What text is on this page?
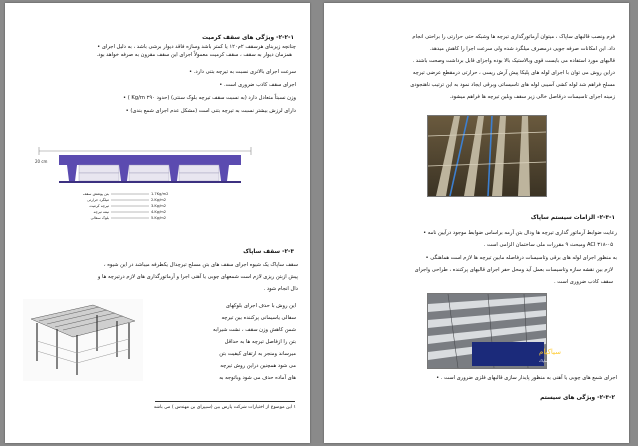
۲-۲-۱- ویژگی های سقف کرمیت
چنانچه زیربنای هرسقف ۲م۱۲۰ یا کمتر باشد وسازه فاقد دیوار برشی باشد ، به دلیل اجرای •
همزمان دیوار به سقف ، سقف کرمیت معمولاً اجرای این سقف مقرون به صرفه خواهد بود.
سرعت اجرای بالاتری نسبت به تیرچه بتنی دارد. •
اجرای سقف کاذب ضروری است. •
وزن نسبتاً متعادل دارد (به نسبت سقف تیرچه بلوک سنتی) (حدود ۲۹۰ Kg/m ) •
دارای لرزش بیشتر نسبت به تیرچه بتنی است (مشکل عدم اجرای شمع بندی) •
20 cm
بتن پوشش سقف
میلگرد حرارتی
تیرچه کرمیت
نیمه تیرچه
بلوک سفالی
1.7Kg/m2
2.Kg/m2
3.Kg/m2
4.Kg/m2
5.Kg/m2
۲-۳- سقف ساپاک
سقف ساپاک یک شیوه اجرای سقف های بتن مسلح تیرچدال یکطرفه میباشد در این شیوه ،
پیش ازبتن ریزی لازم است شمعهای چوبی یا آهنی اجرا و آرماتورگذاری های لازم درتیرچه ها و
دال انجام شود .
این روش با حذف اجرای بلوکهای
سفالی یاسیمانی پرکننده بین تیرچه
شمن کاهش وزن سقف ، نشت شیرابه
بتن را ازفاصل تیرچه ها به حداقل
میرساند ومنجر به ارتقای کیفیت بتن
می شود همچنین دراین روش تیرچه
های آماده حذف می شود وباتوجه به
۱ این موضوع از اختیارات شرکت پارس بین (سیپرای بن مهندس ) می باشد
فرم ونصب قالبهای ساپاک ، میتوان آرماتورگذاری تیرچه ها وشبکه حتی حرارتی را براحتی انجام
داد. این امکانات صرفه جویی درمصرف میلگرد شده ولی سرعت اجرا را کاهش میدهد.
قالبهای مورد استفاده می بایست قوی وبالاستیک بالا بوده واجزای قابل برداشت وصحت باشند .
دراین روش می توان با اجرای لوله های پلیکا پیش آرش ریسی ، حرارتی درمقطع عرضی تیرچه
مسلح فراهم شد لوله کشی آسیبی لوله های تاسیساتی وبرقی ایجاد نمود به این ترتیب ناهنجودی
زمینه اجرای تاسیسات درقاصل خالی زیر سقف وبلین تیرچه ها فراهم میشود.
۲-۳-۱- الزامات سیستم ساپاک
رعایت ضوابط آرماتور گذاری تیرچه ها ودال بتن آرمه براساس ضوابط موجود درآیین نامه •
ACI ۳۱۸-۰۵ ومبحث ۹ مقررات ملی ساختمان الزامی است .
به منظور اجرای لوله های برقی وتاسیسات درفاصله مابین تیرچه ها لازم است هماهنگی •
لازم بین نقشه سازه وتاسیسات بعمل آید ومحل حفر اجرای قالبهای پرکننده ، طراحی واجرای
سقف کاذب ضروری است .
سیاکیام
سامانه صنعتی سقف تیرچه ساپاک
اجرای شمع های چوبی یا آهنی به منظور پایدار سازی قالبهای فلزی ضروری است . •
۲-۳-۲- ویژگی های سیستم
